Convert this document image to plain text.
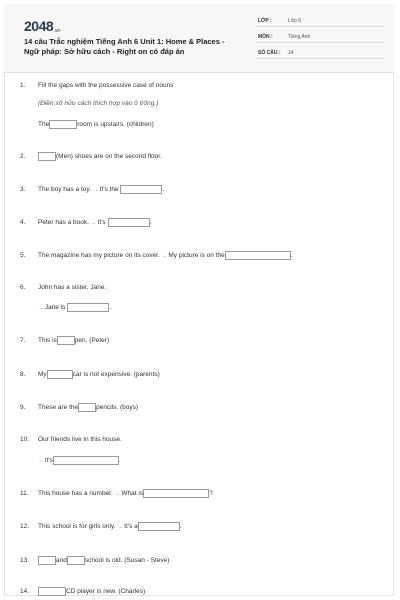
2048.vn
14 câu Trắc nghiệm Tiếng Anh 6 Unit 1: Home & Places -
Ngữ pháp: Sở hữu cách - Right on có đáp án
LỚP :	Lớp 6
MÔN :	Tiếng Anh
SỐ CÂU : 14
1. Fill the gaps with the possessive case of nouns
(Điền sở hữu cách thích hợp vào ô trống.)
The	room is upstairs. (children)
2.	(Men) shoes are on the second floor.
3. The boy has a toy. → It's the	.
4. Peter has a book. → It's	.
5. The magazine has my picture on its cover. → My picture is on the	.
6. John has a sister, Jane.
→ Jane is	.
7. This is	pen. (Peter)
8. My	car is not expensive. (parents)
9. These are the	pencils. (boys)
10. Our friends live in this house.
→ It's	.
11. This house has a number. → What is	?
12. This school is for girls only. → It's a	.
13.	and	school is old. (Susan - Steve)
14.	CD player is new. (Charles)
